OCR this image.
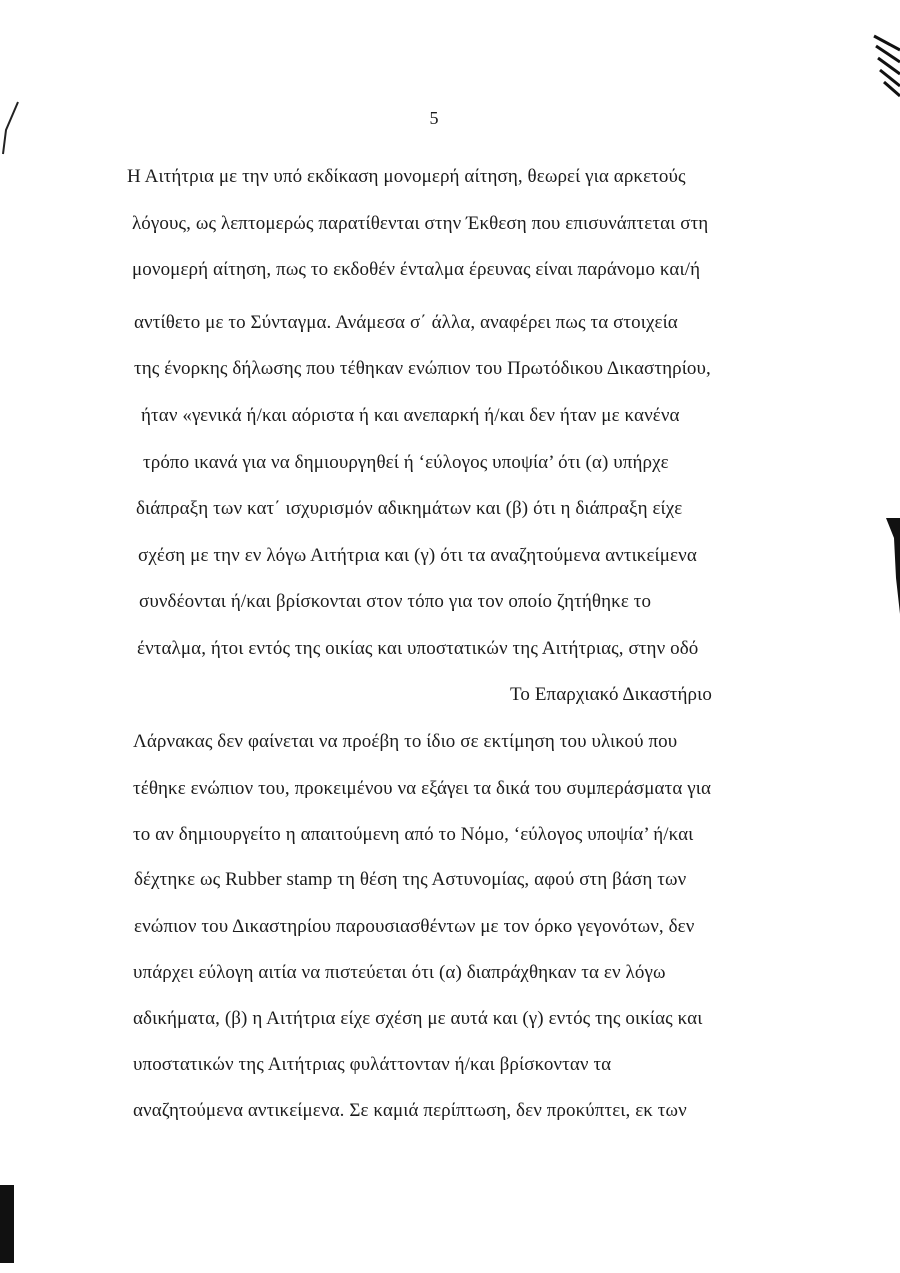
5
Η Αιτήτρια με την υπό εκδίκαση μονομερή αίτηση, θεωρεί για αρκετούς
λόγους, ως λεπτομερώς παρατίθενται στην Έκθεση που επισυνάπτεται στη
μονομερή αίτηση, πως το εκδοθέν ένταλμα έρευνας είναι παράνομο και/ή
αντίθετο με το Σύνταγμα. Ανάμεσα σ΄ άλλα, αναφέρει πως τα στοιχεία
της ένορκης δήλωσης που τέθηκαν ενώπιον του Πρωτόδικου Δικαστηρίου,
ήταν «γενικά ή/και αόριστα ή και ανεπαρκή ή/και δεν ήταν με κανένα
τρόπο ικανά για να δημιουργηθεί ή ‘εύλογος υποψία’ ότι (α) υπήρχε
διάπραξη των κατ΄ ισχυρισμόν αδικημάτων και (β) ότι η διάπραξη είχε
σχέση με την εν λόγω Αιτήτρια και (γ) ότι τα αναζητούμενα αντικείμενα
συνδέονται ή/και βρίσκονται στον τόπο για τον οποίο ζητήθηκε το
ένταλμα, ήτοι εντός της οικίας και υποστατικών της Αιτήτριας, στην οδό
Το Επαρχιακό Δικαστήριο
Λάρνακας δεν φαίνεται να προέβη το ίδιο σε εκτίμηση του υλικού που
τέθηκε ενώπιον του, προκειμένου να εξάγει τα δικά του συμπεράσματα για
το αν δημιουργείτο η απαιτούμενη από το Νόμο, ‘εύλογος υποψία’ ή/και
δέχτηκε ως Rubber stamp τη θέση της Αστυνομίας, αφού στη βάση των
ενώπιον του Δικαστηρίου παρουσιασθέντων με τον όρκο γεγονότων, δεν
υπάρχει εύλογη αιτία να πιστεύεται ότι (α) διαπράχθηκαν τα εν λόγω
αδικήματα, (β) η Αιτήτρια είχε σχέση με αυτά και (γ) εντός της οικίας και
υποστατικών της Αιτήτριας φυλάττονταν ή/και βρίσκονταν τα
αναζητούμενα αντικείμενα. Σε καμιά περίπτωση, δεν προκύπτει, εκ των
